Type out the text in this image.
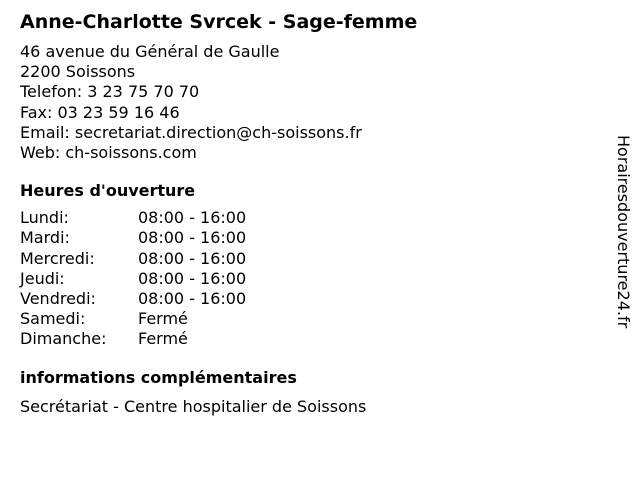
Anne-Charlotte Svrcek - Sage-femme
46 avenue du Général de Gaulle
2200 Soissons
Telefon: 3 23 75 70 70
Fax: 03 23 59 16 46
Email: secretariat.direction@ch-soissons.fr
Web: ch-soissons.com
Heures d'ouverture
Lundi:	08:00 - 16:00
Mardi:	08:00 - 16:00
Mercredi:	08:00 - 16:00
Jeudi:	08:00 - 16:00
Vendredi:	08:00 - 16:00
Samedi:	Fermé
Dimanche:	Fermé
informations complémentaires
Secrétariat - Centre hospitalier de Soissons
Horairesdouverture24.fr
